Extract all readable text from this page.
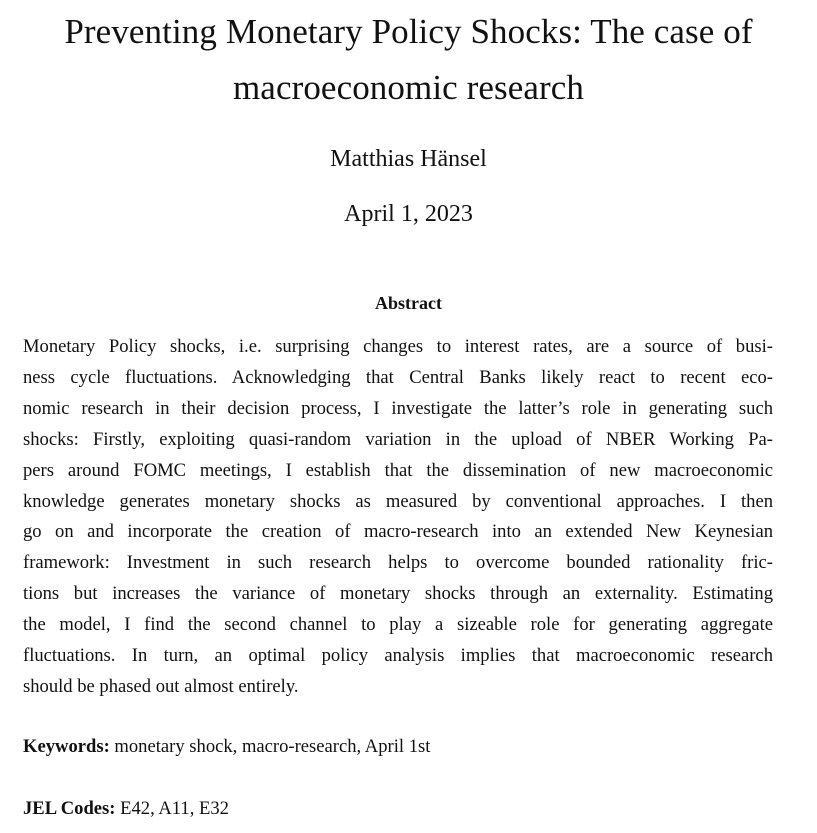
Preventing Monetary Policy Shocks: The case of
macroeconomic research
Matthias Hänsel
April 1, 2023
Abstract

Monetary Policy shocks, i.e. surprising changes to interest rates, are a source of busi-
ness cycle fluctuations. Acknowledging that Central Banks likely react to recent eco-
nomic research in their decision process, I investigate the latter’s role in generating such
shocks: Firstly, exploiting quasi-random variation in the upload of NBER Working Pa-
pers around FOMC meetings, I establish that the dissemination of new macroeconomic
knowledge generates monetary shocks as measured by conventional approaches. I then
go on and incorporate the creation of macro-research into an extended New Keynesian
framework: Investment in such research helps to overcome bounded rationality fric-
tions but increases the variance of monetary shocks through an externality. Estimating
the model, I find the second channel to play a sizeable role for generating aggregate
fluctuations. In turn, an optimal policy analysis implies that macroeconomic research
should be phased out almost entirely.

Keywords: monetary shock, macro-research, April 1st

JEL Codes: E42, A11, E32
